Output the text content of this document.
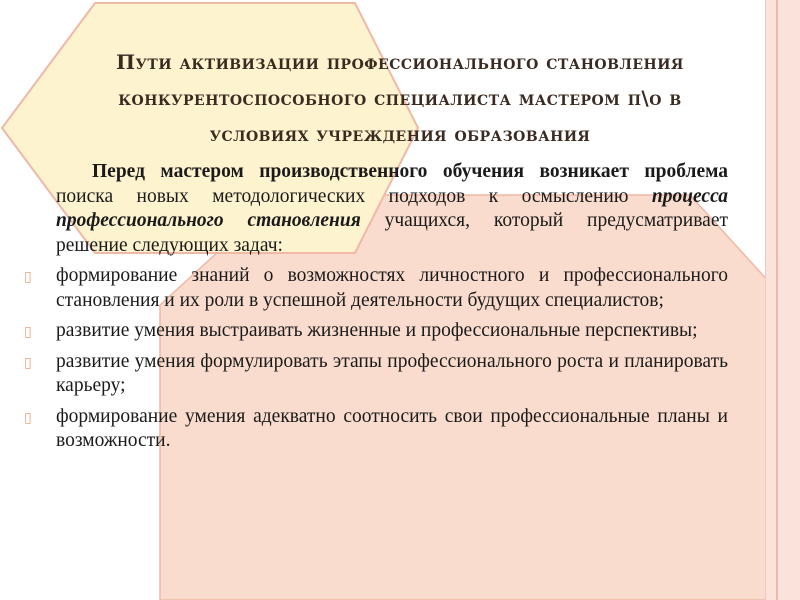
Пути активизации профессионального становления
конкурентоспособного специалиста мастером п\о в
условиях учреждения образования

Перед мастером производственного обучения возникает проблема поиска новых методологических подходов к осмыслению процесса профессионального становления учащихся, который предусматривает решение следующих задач:

▯ формирование знаний о возможностях личностного и профессионального становления и их роли в успешной деятельности будущих специалистов;
▯ развитие умения выстраивать жизненные и профессиональные перспективы;
▯ развитие умения формулировать этапы профессионального роста и планировать карьеру;
▯ формирование умения адекватно соотносить свои профессиональные планы и возможности.
